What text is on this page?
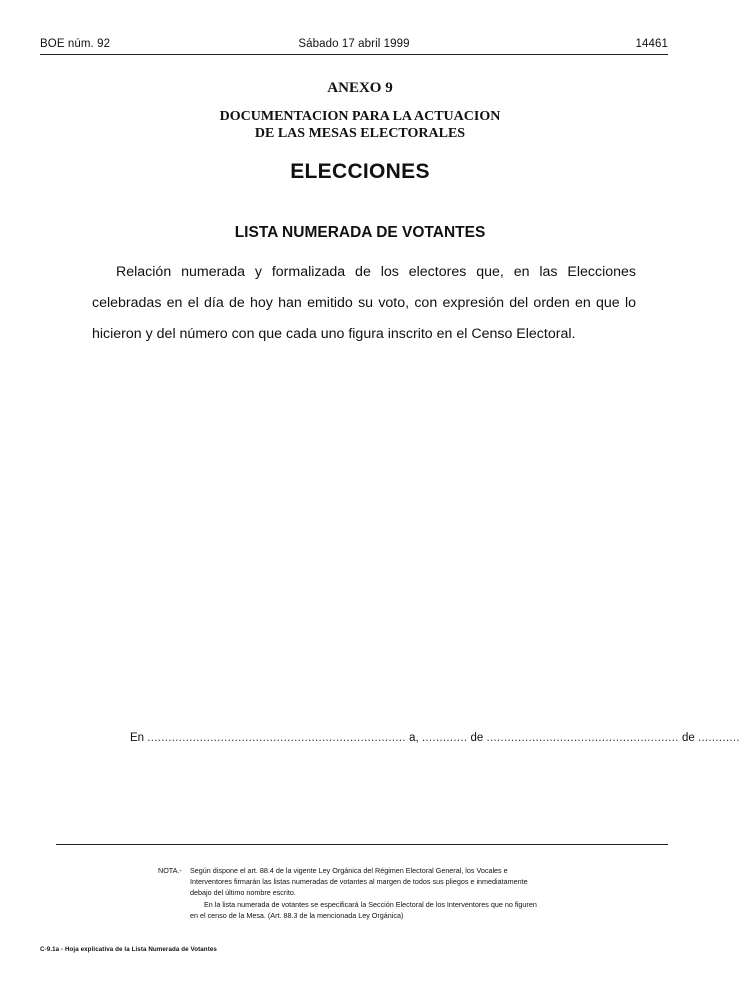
BOE núm. 92	Sábado 17 abril 1999	14461
ANEXO 9
DOCUMENTACION PARA LA ACTUACION
DE LAS MESAS ELECTORALES
ELECCIONES
LISTA NUMERADA DE VOTANTES

Relación numerada y formalizada de los electores que, en las Elecciones celebradas en el día de hoy han emitido su voto, con expresión del orden en que lo hicieron y del número con que cada uno figura inscrito en el Censo Electoral.

En .......................................................................... a, ............. de ....................................................... de ............
NOTA.- Según dispone el art. 88.4 de la vigente Ley Orgánica del Régimen Electoral General, los Vocales e Interventores firmarán las listas numeradas de votantes al margen de todos sus pliegos e inmediatamente debajo del último nombre escrito.

En la lista numerada de votantes se especificará la Sección Electoral de los Interventores que no figuren en el censo de la Mesa. (Art. 88.3 de la mencionada Ley Orgánica)

C-9.1a - Hoja explicativa de la Lista Numerada de Votantes
